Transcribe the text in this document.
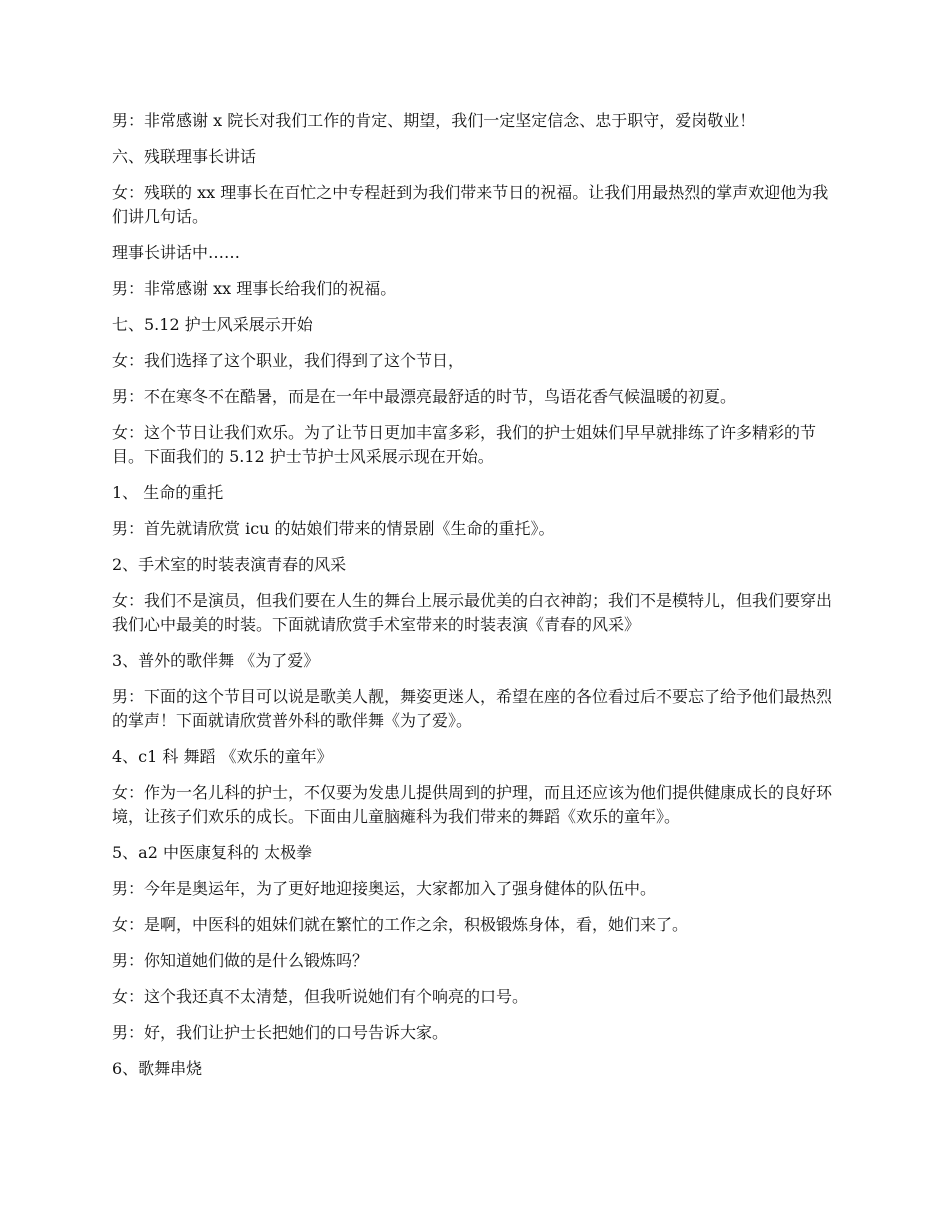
男：非常感谢 x 院长对我们工作的肯定、期望，我们一定坚定信念、忠于职守，爱岗敬业！

六、残联理事长讲话

女：残联的 xx 理事长在百忙之中专程赶到为我们带来节日的祝福。让我们用最热烈的掌声欢迎他为我们讲几句话。

理事长讲话中……

男：非常感谢 xx 理事长给我们的祝福。

七、5.12 护士风采展示开始

女：我们选择了这个职业，我们得到了这个节日，

男：不在寒冬不在酷暑，而是在一年中最漂亮最舒适的时节，鸟语花香气候温暖的初夏。

女：这个节日让我们欢乐。为了让节日更加丰富多彩，我们的护士姐妹们早早就排练了许多精彩的节目。下面我们的 5.12 护士节护士风采展示现在开始。

1、 生命的重托

男：首先就请欣赏 icu 的姑娘们带来的情景剧《生命的重托》。

2、手术室的时装表演青春的风采

女：我们不是演员，但我们要在人生的舞台上展示最优美的白衣神韵；我们不是模特儿，但我们要穿出我们心中最美的时装。下面就请欣赏手术室带来的时装表演《青春的风采》

3、普外的歌伴舞 《为了爱》

男：下面的这个节目可以说是歌美人靓，舞姿更迷人，希望在座的各位看过后不要忘了给予他们最热烈的掌声！下面就请欣赏普外科的歌伴舞《为了爱》。

4、c1 科 舞蹈 《欢乐的童年》

女：作为一名儿科的护士，不仅要为发患儿提供周到的护理，而且还应该为他们提供健康成长的良好环境，让孩子们欢乐的成长。下面由儿童脑瘫科为我们带来的舞蹈《欢乐的童年》。

5、a2 中医康复科的 太极拳

男：今年是奥运年，为了更好地迎接奥运，大家都加入了强身健体的队伍中。

女：是啊，中医科的姐妹们就在繁忙的工作之余，积极锻炼身体，看，她们来了。

男：你知道她们做的是什么锻炼吗？

女：这个我还真不太清楚，但我听说她们有个响亮的口号。

男：好，我们让护士长把她们的口号告诉大家。

6、歌舞串烧
